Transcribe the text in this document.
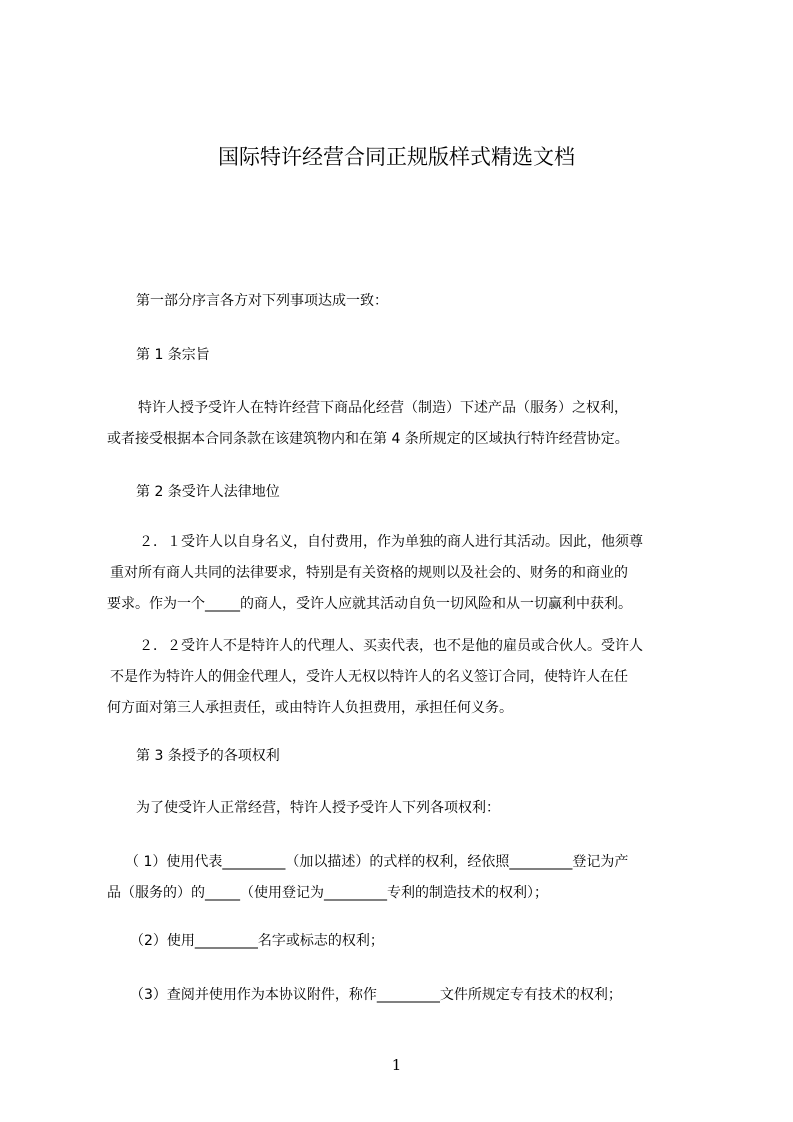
国际特许经营合同正规版样式精选文档

第一部分序言各方对下列事项达成一致：

第 1 条宗旨

特许人授予受许人在特许经营下商品化经营（制造）下述产品（服务）之权利，
或者接受根据本合同条款在该建筑物内和在第 4 条所规定的区域执行特许经营协定。

第 2 条受许人法律地位

２．１受许人以自身名义，自付费用，作为单独的商人进行其活动。因此，他须尊
重对所有商人共同的法律要求，特别是有关资格的规则以及社会的、财务的和商业的
要求。作为一个_____的商人，受许人应就其活动自负一切风险和从一切赢利中获利。
２．２受许人不是特许人的代理人、买卖代表，也不是他的雇员或合伙人。受许人
不是作为特许人的佣金代理人，受许人无权以特许人的名义签订合同，使特许人在任
何方面对第三人承担责任，或由特许人负担费用，承担任何义务。

第 3 条授予的各项权利

为了使受许人正常经营，特许人授予受许人下列各项权利：

（ 1）使用代表_________（加以描述）的式样的权利，经依照_________登记为产
品（服务的）的_____（使用登记为_________专利的制造技术的权利）；

（2）使用_________名字或标志的权利；

（3）查阅并使用作为本协议附件，称作_________文件所规定专有技术的权利；

1
